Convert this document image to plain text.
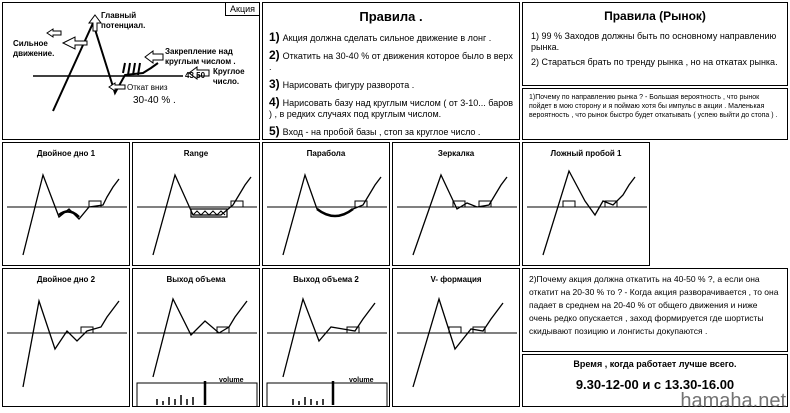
Акция
Сильное движение.
Главный потенциал.
Закрепление над круглым числом .
Круглое число.
43.50
Откат вниз
30-40 % .
Правила .
1) Акция должна сделать сильное движение в лонг .
2) Откатить на 30-40 % от движения которое было в верх .
3) Нарисовать фигуру разворота .
4) Нарисовать базу над круглым числом ( от 3-10... баров ) , в редких случаях под круглым числом.
5) Вход - на пробой базы , стоп за круглое число .
Правила (Рынок)
1) 99 % Заходов должны быть по основному направлению рынка.
2) Стараться брать по тренду рынка , но на откатах рынка.
1)Почему по направлению рынка ? - Большая вероятность , что рынок пойдет в мою сторону и я поймаю хотя бы импульс в акции . Маленькая вероятность , что рынок быстро будет откатывать ( успею выйти до стопа ) .
Двойное дно 1	Range	Парабола	Зеркалка	Ложный пробой 1
Двойное дно 2	Выход объема
volume
Выход объема 2
volume
V- формация	2)Почему акция должна откатить на 40-50 % ?, а если она откатит на 20-30 % то ? - Когда акция разворачивается , то она падает в среднем на 20-40 % от общего движения и ниже очень редко опускается , заход формируется где шортисты скидывают позицию и лонгисты докупаются .
Время , когда работает лучше всего.
9.30-12-00 и с 13.30-16.00
hamaha.net
